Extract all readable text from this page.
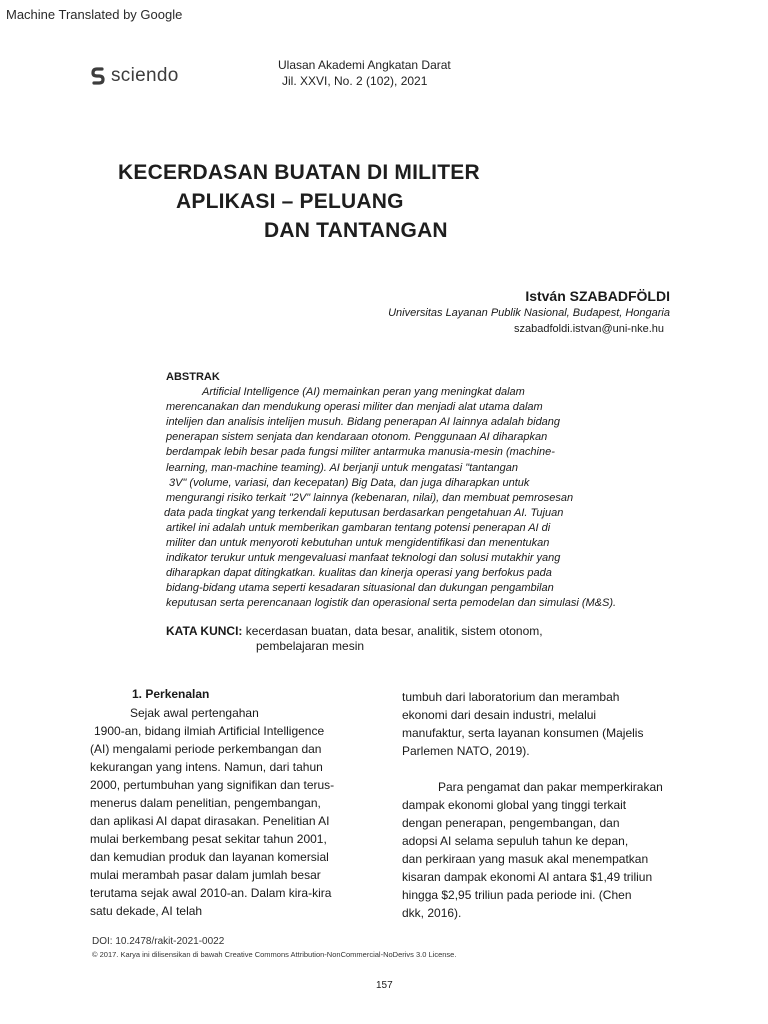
Machine Translated by Google
sciendo	Ulasan Akademi Angkatan Darat
Jil. XXVI, No. 2 (102), 2021
KECERDASAN BUATAN DI MILITER
APLIKASI – PELUANG
DAN TANTANGAN
István SZABADFÖLDI
Universitas Layanan Publik Nasional, Budapest, Hongaria
szabadfoldi.istvan@uni-nke.hu
ABSTRAK
Artificial Intelligence (AI) memainkan peran yang meningkat dalam
merencanakan dan mendukung operasi militer dan menjadi alat utama dalam
intelijen dan analisis intelijen musuh. Bidang penerapan AI lainnya adalah bidang
penerapan sistem senjata dan kendaraan otonom. Penggunaan AI diharapkan
berdampak lebih besar pada fungsi militer antarmuka manusia-mesin (machine-
learning, man-machine teaming). AI berjanji untuk mengatasi "tantangan
3V" (volume, variasi, dan kecepatan) Big Data, dan juga diharapkan untuk
mengurangi risiko terkait "2V" lainnya (kebenaran, nilai), dan membuat pemrosesan
data pada tingkat yang terkendali keputusan berdasarkan pengetahuan AI. Tujuan
artikel ini adalah untuk memberikan gambaran tentang potensi penerapan AI di
militer dan untuk menyoroti kebutuhan untuk mengidentifikasi dan menentukan
indikator terukur untuk mengevaluasi manfaat teknologi dan solusi mutakhir yang
diharapkan dapat ditingkatkan. kualitas dan kinerja operasi yang berfokus pada
bidang-bidang utama seperti kesadaran situasional dan dukungan pengambilan
keputusan serta perencanaan logistik dan operasional serta pemodelan dan simulasi (M&S).
KATA KUNCI: kecerdasan buatan, data besar, analitik, sistem otonom,
pembelajaran mesin
1. Perkenalan
Sejak awal pertengahan
1900-an, bidang ilmiah Artificial Intelligence
(AI) mengalami periode perkembangan dan
kekurangan yang intens. Namun, dari tahun
2000, pertumbuhan yang signifikan dan terus-
menerus dalam penelitian, pengembangan,
dan aplikasi AI dapat dirasakan. Penelitian AI
mulai berkembang pesat sekitar tahun 2001,
dan kemudian produk dan layanan komersial
mulai merambah pasar dalam jumlah besar
terutama sejak awal 2010-an. Dalam kira-kira
satu dekade, AI telah
tumbuh dari laboratorium dan merambah
ekonomi dari desain industri, melalui
manufaktur, serta layanan konsumen (Majelis
Parlemen NATO, 2019).
Para pengamat dan pakar memperkirakan
dampak ekonomi global yang tinggi terkait
dengan penerapan, pengembangan, dan
adopsi AI selama sepuluh tahun ke depan,
dan perkiraan yang masuk akal menempatkan
kisaran dampak ekonomi AI antara $1,49 triliun
hingga $2,95 triliun pada periode ini. (Chen
dkk, 2016).
DOI: 10.2478/rakit-2021-0022
© 2017. Karya ini dilisensikan di bawah Creative Commons Attribution-NonCommercial-NoDerivs 3.0 License.
157
